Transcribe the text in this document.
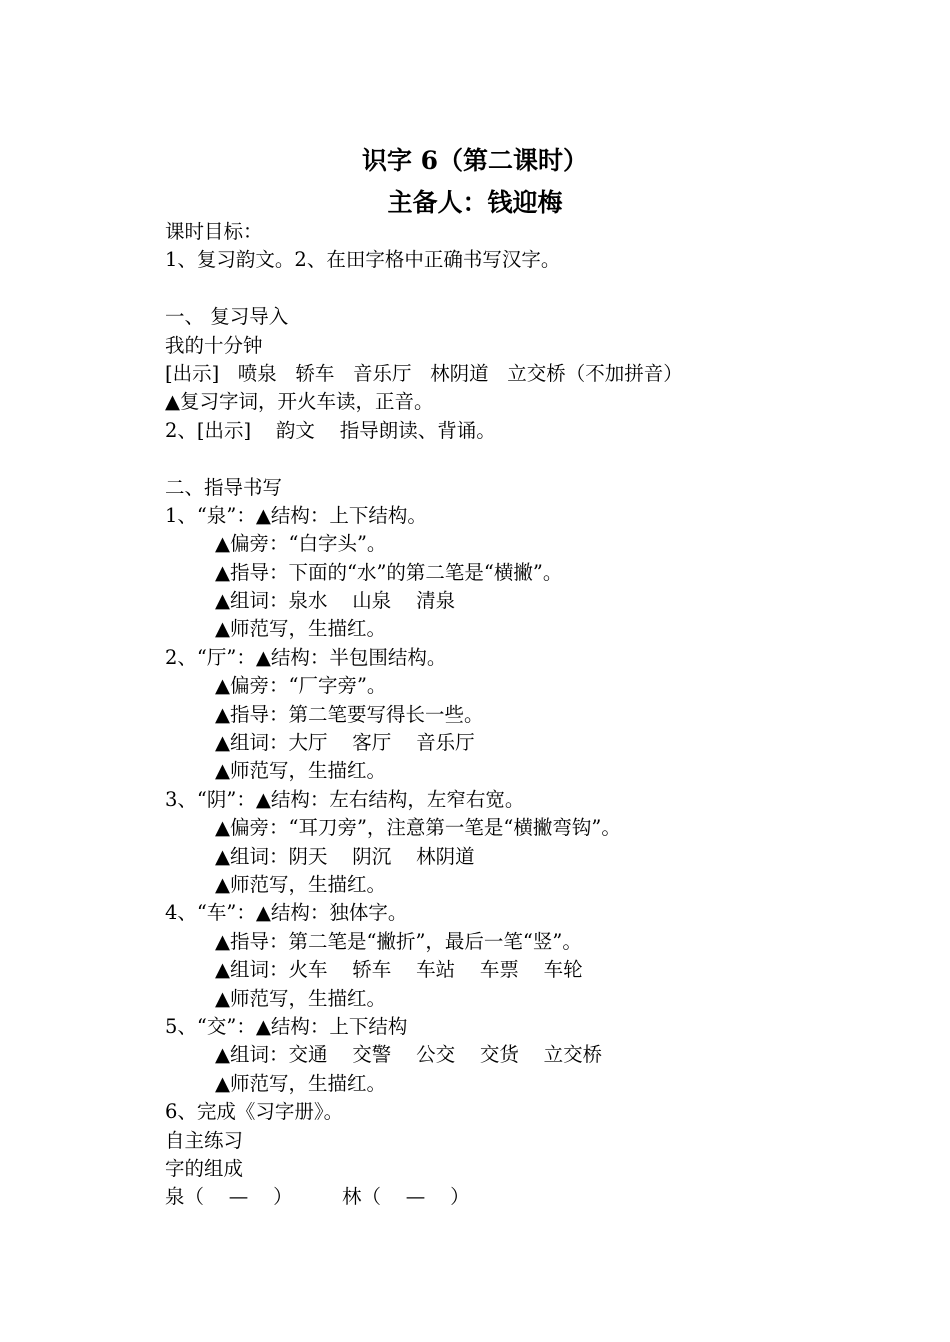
识字 6（第二课时）
主备人：钱迎梅
课时目标：
1、复习韵文。2、在田字格中正确书写汉字。
一、 复习导入
我的十分钟
[出示]   喷泉   轿车   音乐厅   林阴道   立交桥（不加拼音）
▲复习字词，开火车读，正音。
2、[出示]    韵文    指导朗读、背诵。
二、指导书写
1、“泉”：▲结构：上下结构。
▲偏旁：“白字头”。
▲指导：下面的“水”的第二笔是“横撇”。
▲组词：泉水    山泉    清泉
▲师范写，生描红。
2、“厅”：▲结构：半包围结构。
▲偏旁：“厂字旁”。
▲指导：第二笔要写得长一些。
▲组词：大厅    客厅    音乐厅
▲师范写，生描红。
3、“阴”：▲结构：左右结构，左窄右宽。
▲偏旁：“耳刀旁”，注意第一笔是“横撇弯钩”。
▲组词：阴天    阴沉    林阴道
▲师范写，生描红。
4、“车”：▲结构：独体字。
▲指导：第二笔是“撇折”，最后一笔“竖”。
▲组词：火车    轿车    车站    车票    车轮
▲师范写，生描红。
5、“交”：▲结构：上下结构
▲组词：交通    交警    公交    交货    立交桥
▲师范写，生描红。
6、完成《习字册》。
自主练习
字的组成
泉（    —    ）	林（    —    ）
